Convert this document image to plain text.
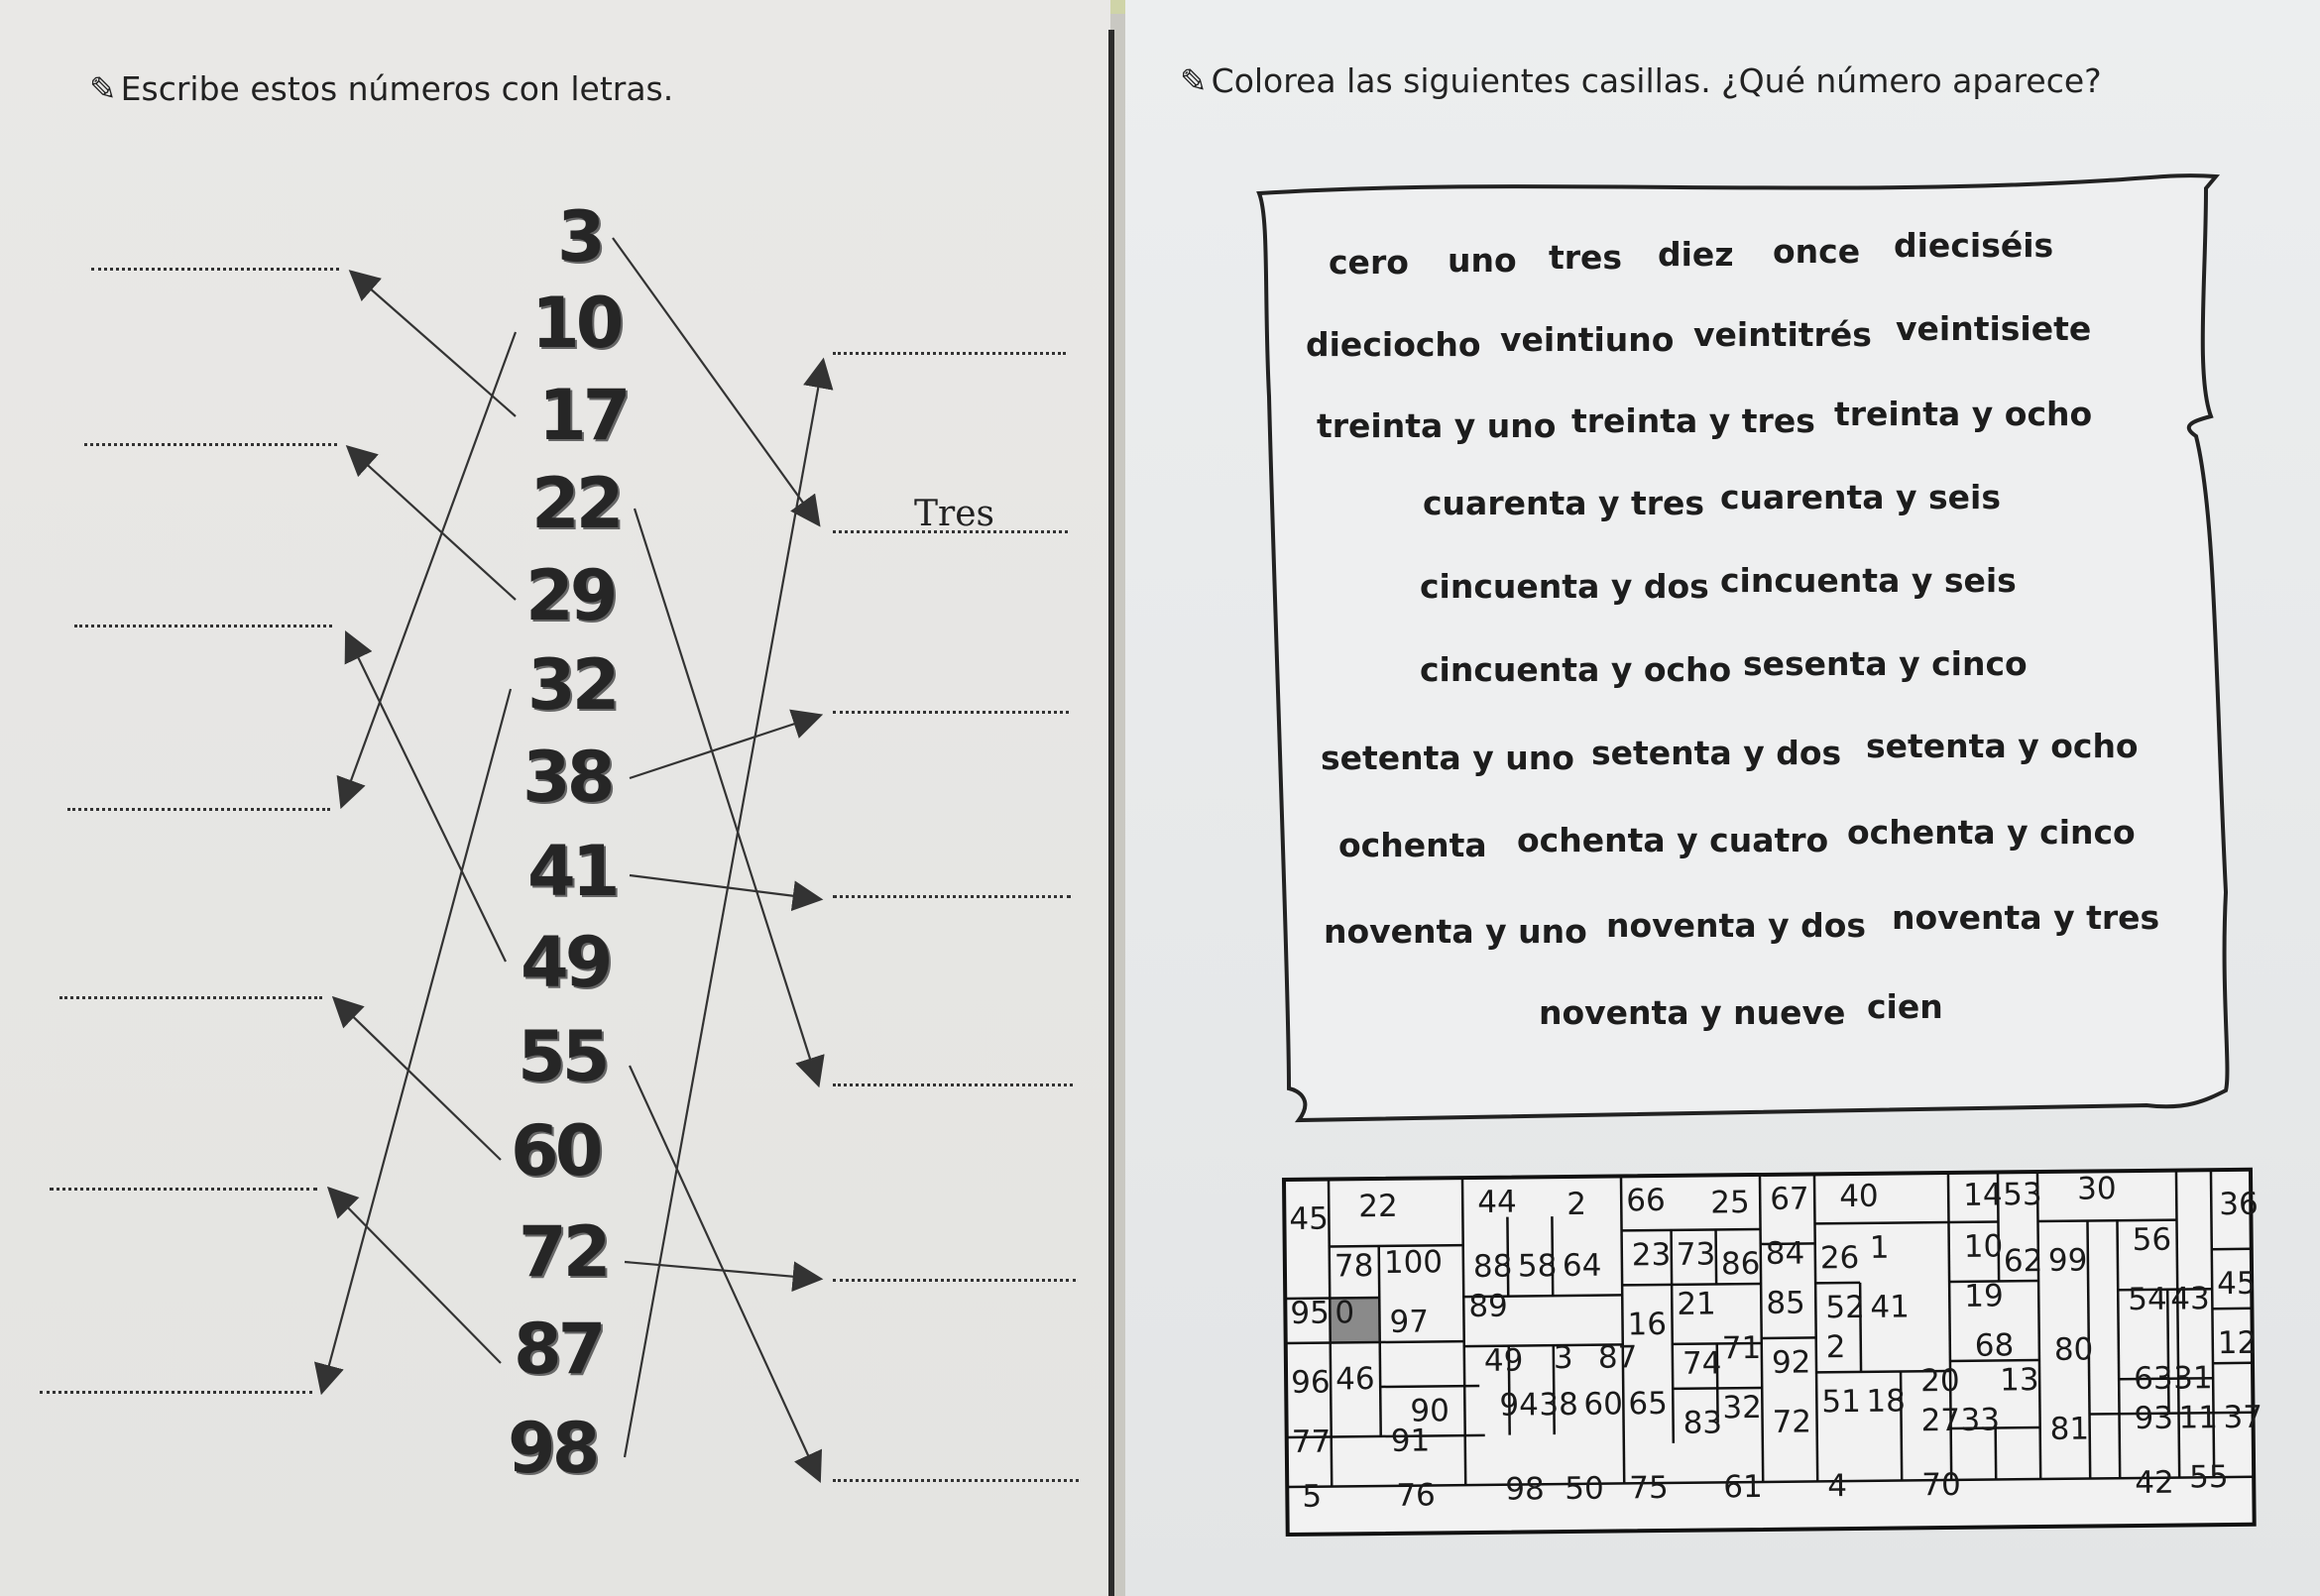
✎ Escribe estos números con letras.
Tres
3
10
17
22
29
32
38
41
49
55
60
72
87
98
✎ Colorea las siguientes casillas. ¿Qué número aparece?
cero uno tres diez once dieciséis
dieciocho veintiuno veintitrés veintisiete
treinta y uno treinta y tres treinta y ocho
cuarenta y tres cuarenta y seis
cincuenta y dos cincuenta y seis
cincuenta y ocho sesenta y cinco
setenta y uno setenta y dos setenta y ocho
ochenta ochenta y cuatro ochenta y cinco
noventa y uno noventa y dos noventa y tres
noventa y nueve cien
45 22	44 2 66 25 67 40	14 53 30	36
78 100 88 58 64 23 73 86 84 26 1 10 62 99
56
95 0 97 89
16
21 85 52 41 19	54 43 45
49 3 87 74 71 92 2	68 80	12
96 46
90 94 38 60 65
83 32 72
51 18
20 13	63 31
77 91
27 33 81 93 11 37
5 76 98 50 75 61 4 70	42 55
